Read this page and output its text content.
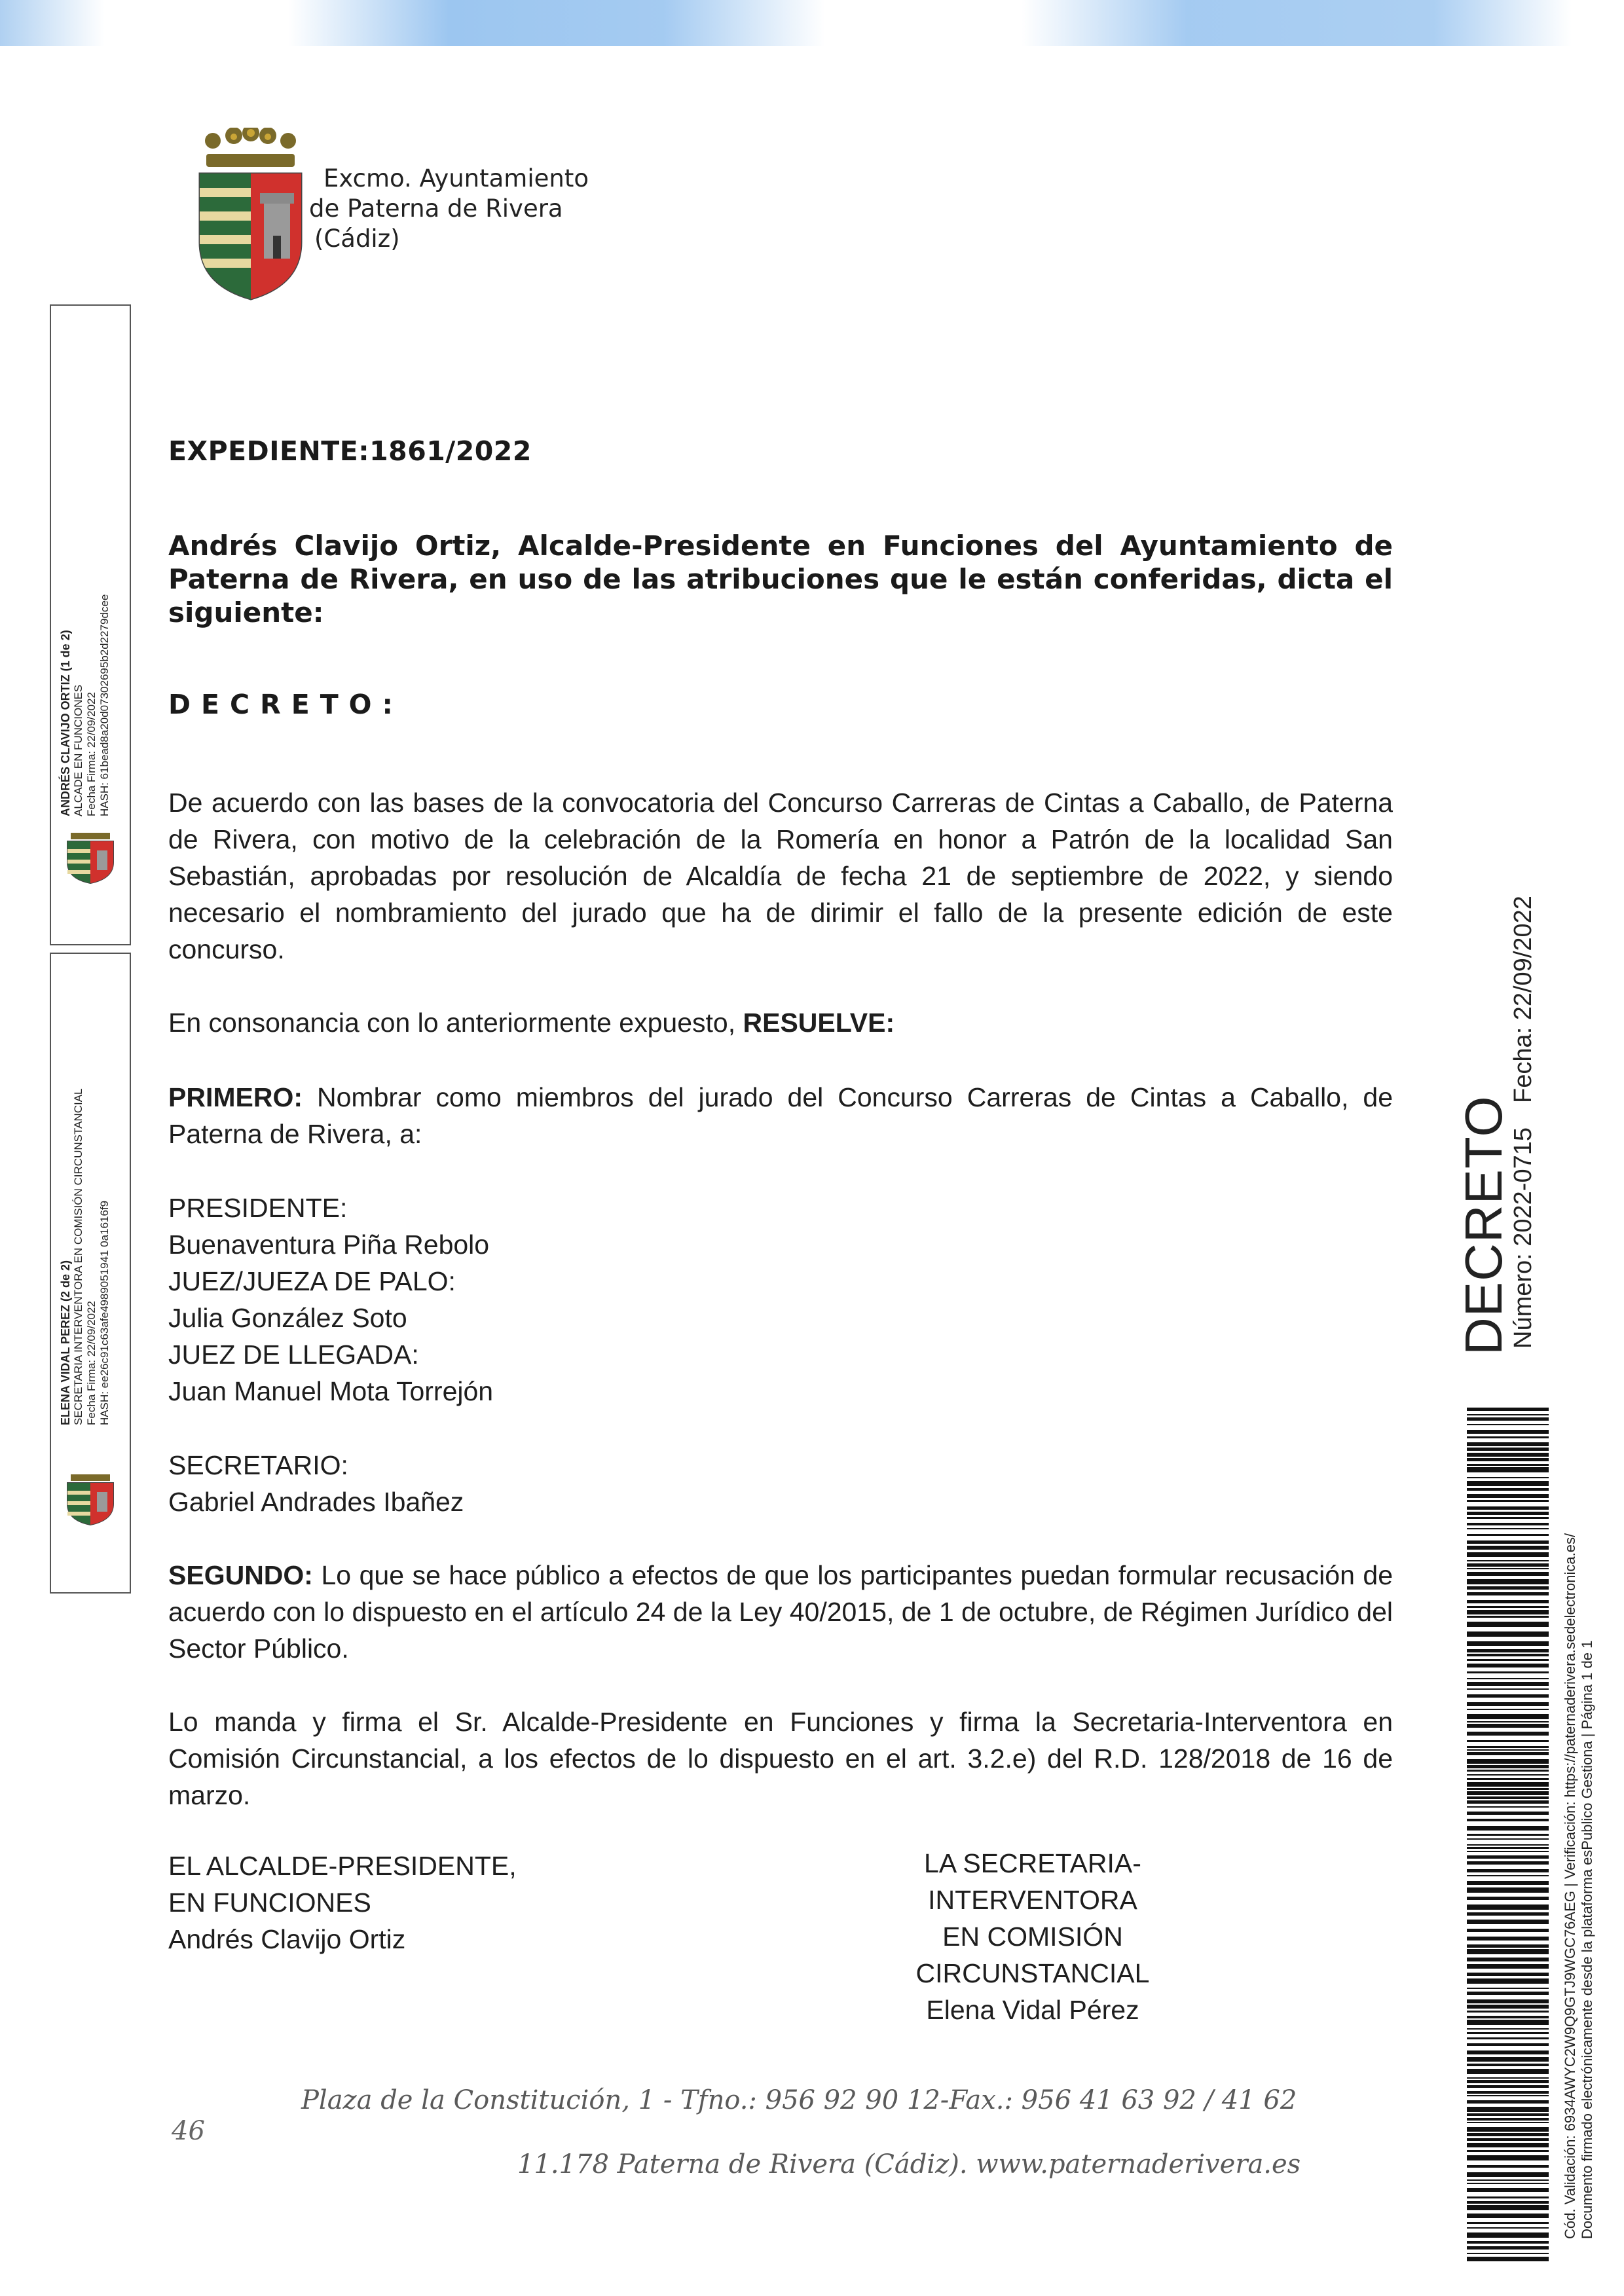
Excmo. Ayuntamiento
de Paterna de Rivera
(Cádiz)
ANDRÉS CLAVIJO ORTIZ (1 de 2) ALCADE EN FUNCIONES Fecha Firma: 22/09/2022 HASH: 61bead8a20d07302695b2d2279dcee
ELENA VIDAL PEREZ (2 de 2) SECRETARIA INTERVENTORA EN COMISIÓN CIRCUNSTANCIAL Fecha Firma: 22/09/2022 HASH: ee26c91c63afe4989051941 0a1616f9
EXPEDIENTE:1861/2022
Andrés Clavijo Ortiz, Alcalde-Presidente en Funciones del Ayuntamiento de Paterna de Rivera, en uso de las atribuciones que le están conferidas, dicta el siguiente:
DECRETO:
De acuerdo con las bases de la convocatoria del Concurso Carreras de Cintas a Caballo, de Paterna de Rivera, con motivo de la celebración de la Romería en honor a Patrón de la localidad San Sebastián, aprobadas por resolución de Alcaldía de fecha 21 de septiembre de 2022, y siendo necesario el nombramiento del jurado que ha de dirimir el fallo de la presente edición de este concurso.
En consonancia con lo anteriormente expuesto, RESUELVE:
PRIMERO: Nombrar como miembros del jurado del Concurso Carreras de Cintas a Caballo, de Paterna de Rivera, a:
PRESIDENTE:
Buenaventura Piña Rebolo
JUEZ/JUEZA DE PALO:
Julia González Soto
JUEZ DE LLEGADA:
Juan Manuel Mota Torrejón
SECRETARIO:
Gabriel Andrades Ibañez
SEGUNDO: Lo que se hace público a efectos de que los participantes puedan formular recusación de acuerdo con lo dispuesto en el artículo 24 de la Ley 40/2015, de 1 de octubre, de Régimen Jurídico del Sector Público.
Lo manda y firma el Sr. Alcalde-Presidente en Funciones y firma la Secretaria-Interventora en Comisión Circunstancial, a los efectos de lo dispuesto en el art. 3.2.e) del R.D. 128/2018 de 16 de marzo.
EL ALCALDE-PRESIDENTE,
EN FUNCIONES
Andrés Clavijo Ortiz
LA SECRETARIA-INTERVENTORA
EN COMISIÓN CIRCUNSTANCIAL
Elena Vidal Pérez
Plaza de la Constitución, 1 - Tfno.: 956 92 90 12-Fax.: 956 41 63 92 / 41 62
46
11.178 Paterna de Rivera (Cádiz). www.paternaderivera.es
DECRETO
Número: 2022-0715
Fecha: 22/09/2022
Cód. Validación: 6934AWYC2W9Q9GTJ9WGC76AEG | Verificación: https://paternaderivera.sedelectronica.es/ Documento firmado electrónicamente desde la plataforma esPublico Gestiona | Página 1 de 1
